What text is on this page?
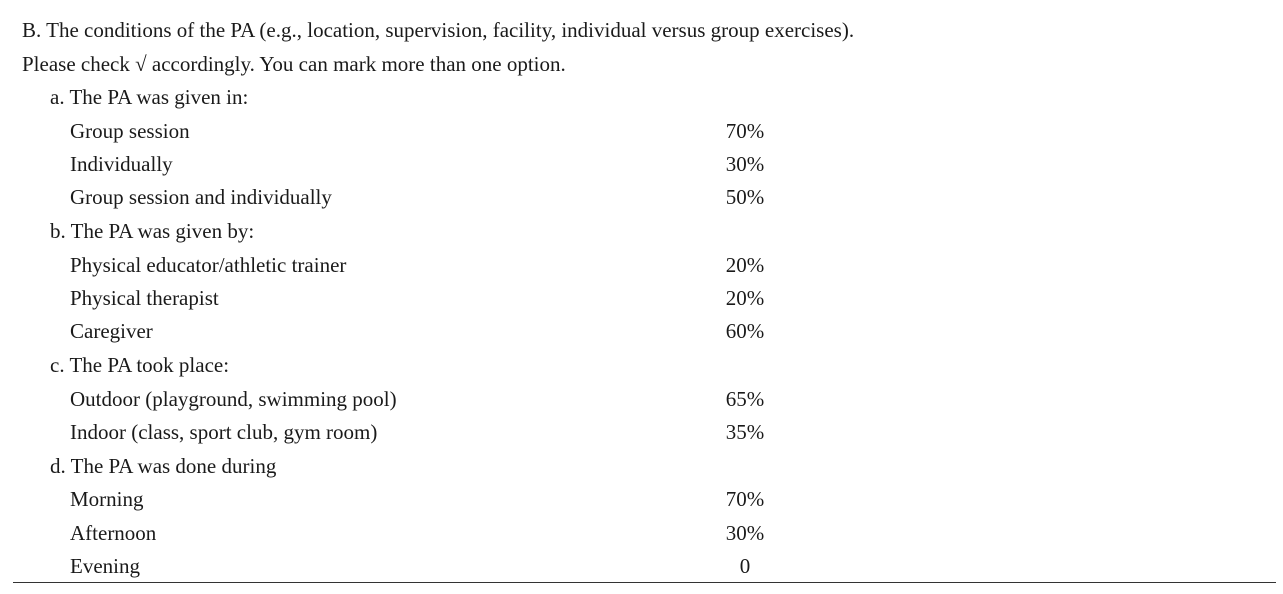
B. The conditions of the PA (e.g., location, supervision, facility, individual versus group exercises).
Please check √ accordingly. You can mark more than one option.
a. The PA was given in:
Group session	70%
Individually	30%
Group session and individually	50%
b. The PA was given by:
Physical educator/athletic trainer	20%
Physical therapist	20%
Caregiver	60%
c. The PA took place:
Outdoor (playground, swimming pool)	65%
Indoor (class, sport club, gym room)	35%
d. The PA was done during
Morning	70%
Afternoon	30%
Evening	0
